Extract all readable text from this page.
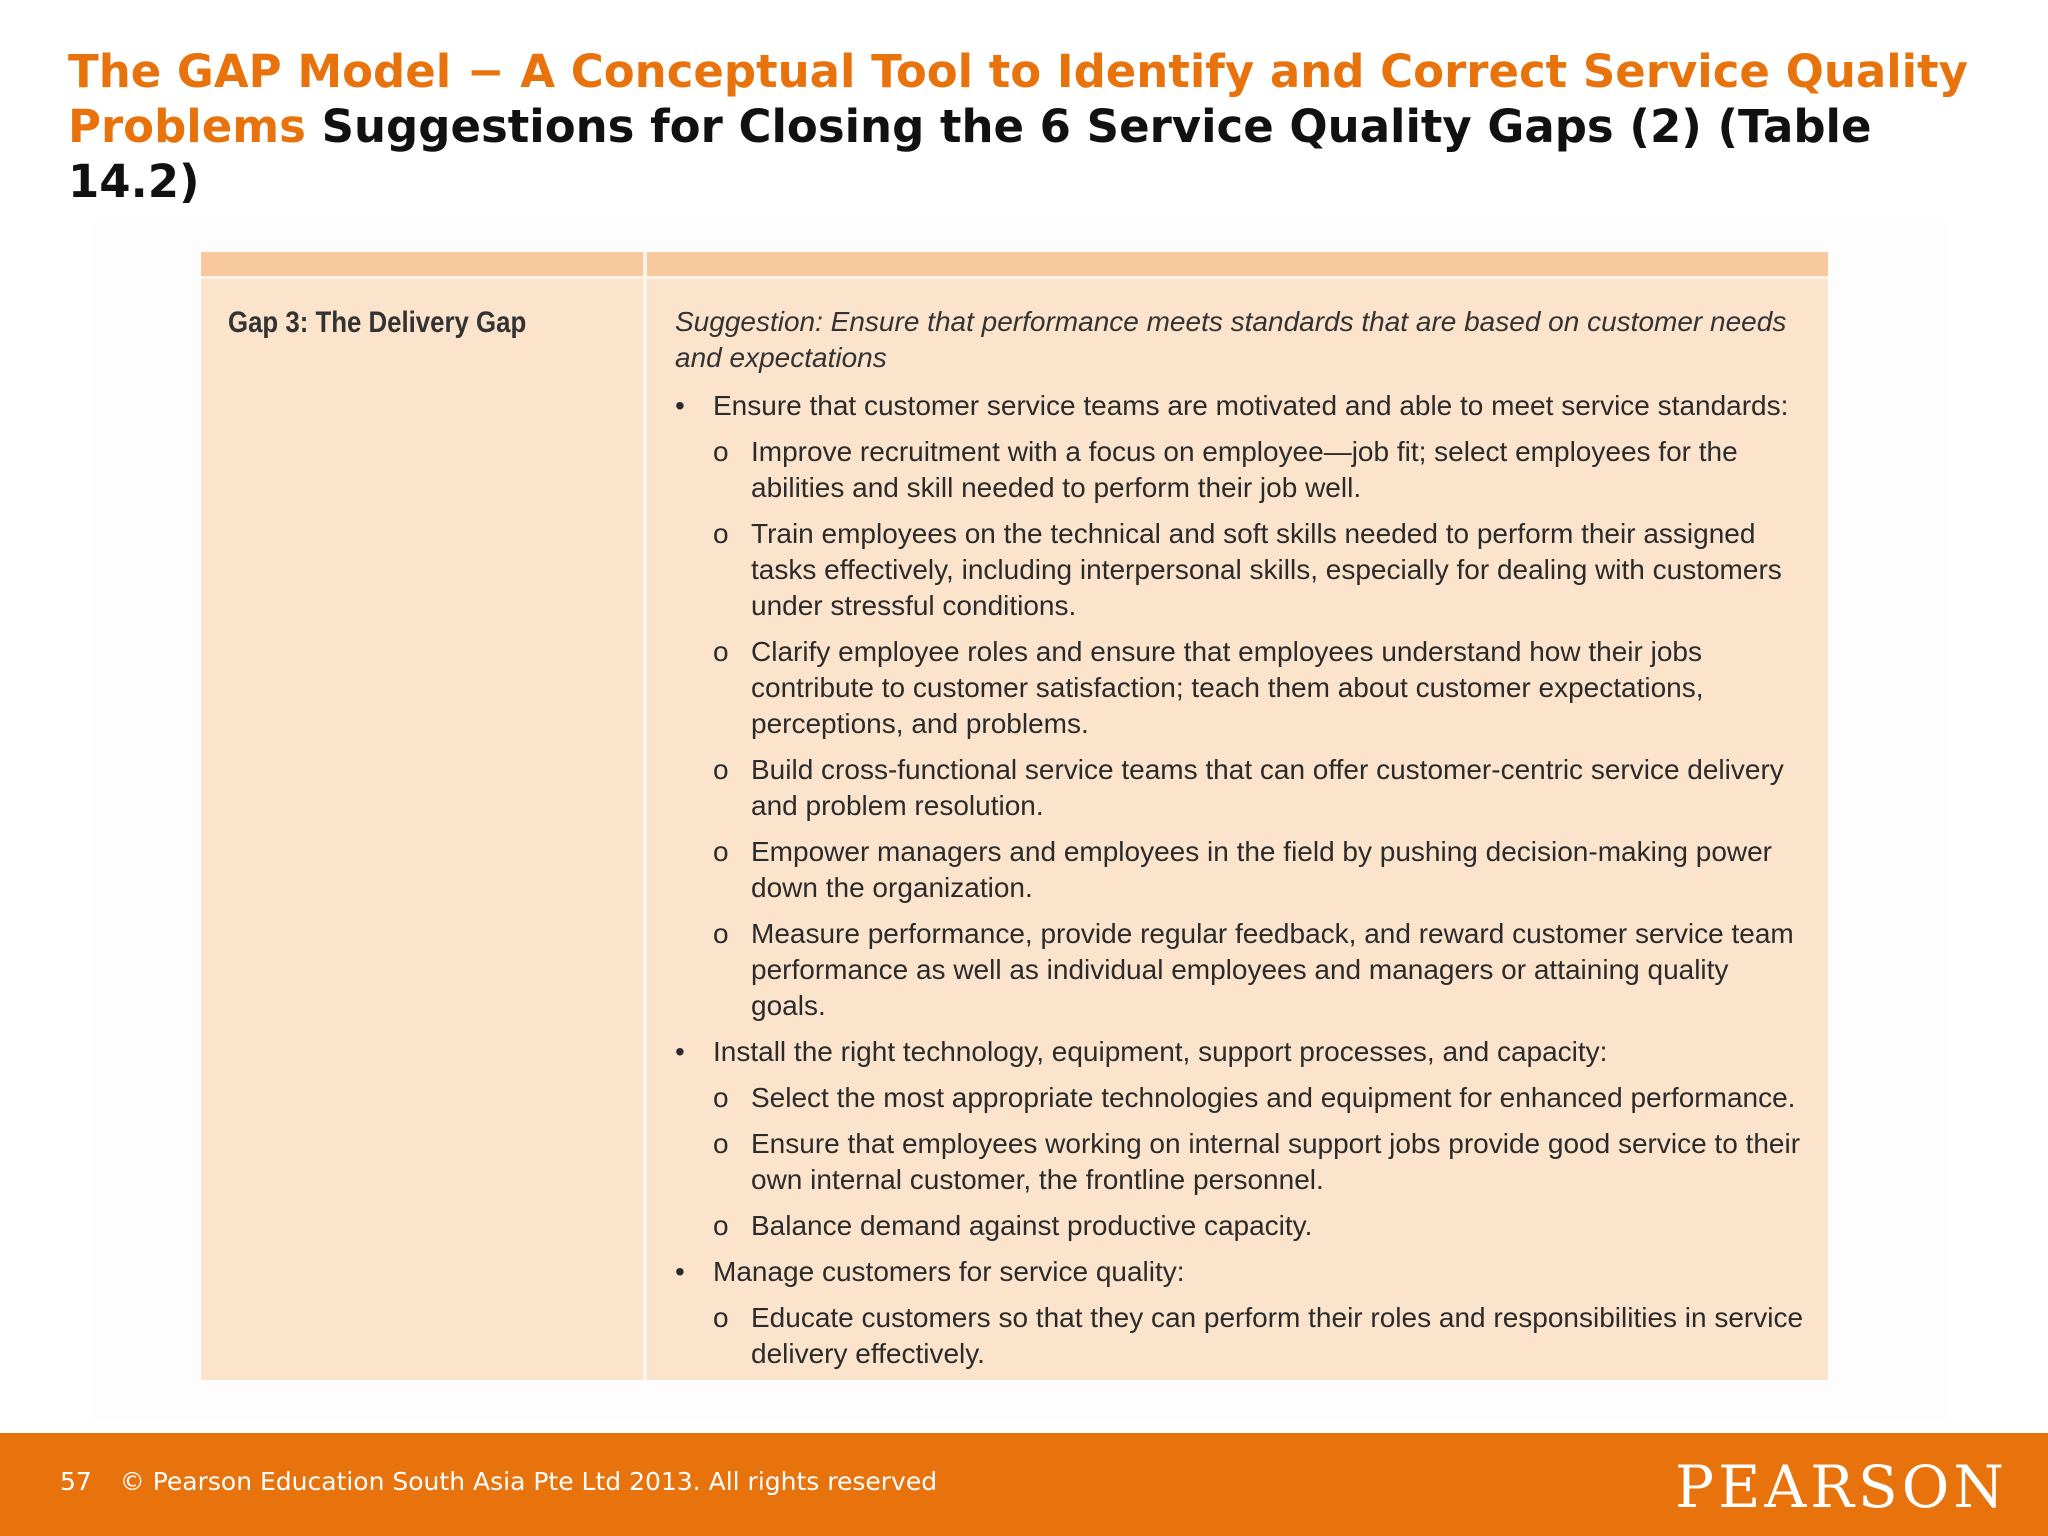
The GAP Model − A Conceptual Tool to Identify and Correct Service Quality Problems Suggestions for Closing the 6 Service Quality Gaps (2) (Table 14.2)
Gap 3: The Delivery Gap	Suggestion: Ensure that performance meets standards that are based on customer needs and expectations

• Ensure that customer service teams are motivated and able to meet service standards:

o Improve recruitment with a focus on employee—job fit; select employees for the abilities and skill needed to perform their job well.

o Train employees on the technical and soft skills needed to perform their assigned tasks effectively, including interpersonal skills, especially for dealing with customers under stressful conditions.

o Clarify employee roles and ensure that employees understand how their jobs contribute to customer satisfaction; teach them about customer expectations, perceptions, and problems.

o Build cross-functional service teams that can offer customer-centric service delivery and problem resolution.

o Empower managers and employees in the field by pushing decision-making power down the organization.

o Measure performance, provide regular feedback, and reward customer service team performance as well as individual employees and managers or attaining quality goals.

• Install the right technology, equipment, support processes, and capacity:

o Select the most appropriate technologies and equipment for enhanced performance.

o Ensure that employees working on internal support jobs provide good service to their own internal customer, the frontline personnel.

o Balance demand against productive capacity.

• Manage customers for service quality:

o Educate customers so that they can perform their roles and responsibilities in service delivery effectively.

57 © Pearson Education South Asia Pte Ltd 2013. All rights reserved	PEARSON
